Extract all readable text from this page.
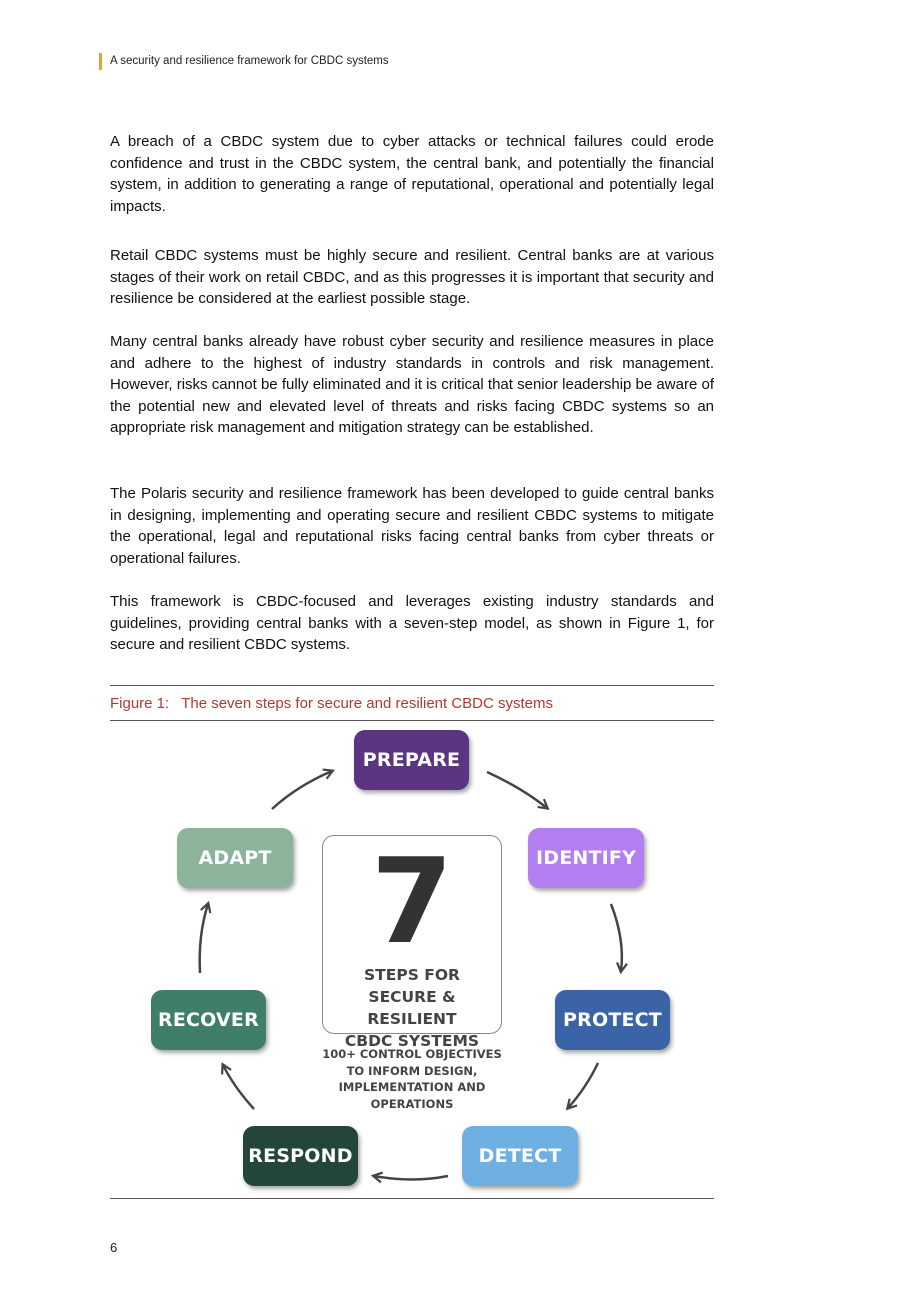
A security and resilience framework for CBDC systems

A breach of a CBDC system due to cyber attacks or technical failures could erode confidence and trust in the CBDC system, the central bank, and potentially the financial system, in addition to generating a range of reputational, operational and potentially legal impacts.

Retail CBDC systems must be highly secure and resilient. Central banks are at various stages of their work on retail CBDC, and as this progresses it is important that security and resilience be considered at the earliest possible stage.

Many central banks already have robust cyber security and resilience measures in place and adhere to the highest of industry standards in controls and risk management. However, risks cannot be fully eliminated and it is critical that senior leadership be aware of the potential new and elevated level of threats and risks facing CBDC systems so an appropriate risk management and mitigation strategy can be established.

The Polaris security and resilience framework has been developed to guide central banks in designing, implementing and operating secure and resilient CBDC systems to mitigate the operational, legal and reputational risks facing central banks from cyber threats or operational failures.

This framework is CBDC-focused and leverages existing industry standards and guidelines, providing central banks with a seven-step model, as shown in Figure 1, for secure and resilient CBDC systems.

Figure 1: The seven steps for secure and resilient CBDC systems
PREPARE
IDENTIFY
PROTECT
DETECT
RESPOND
RECOVER
ADAPT 7
STEPS FOR
SECURE & RESILIENT
CBDC SYSTEMS
100+ CONTROL OBJECTIVES
TO INFORM DESIGN,
IMPLEMENTATION AND
OPERATIONS
6
